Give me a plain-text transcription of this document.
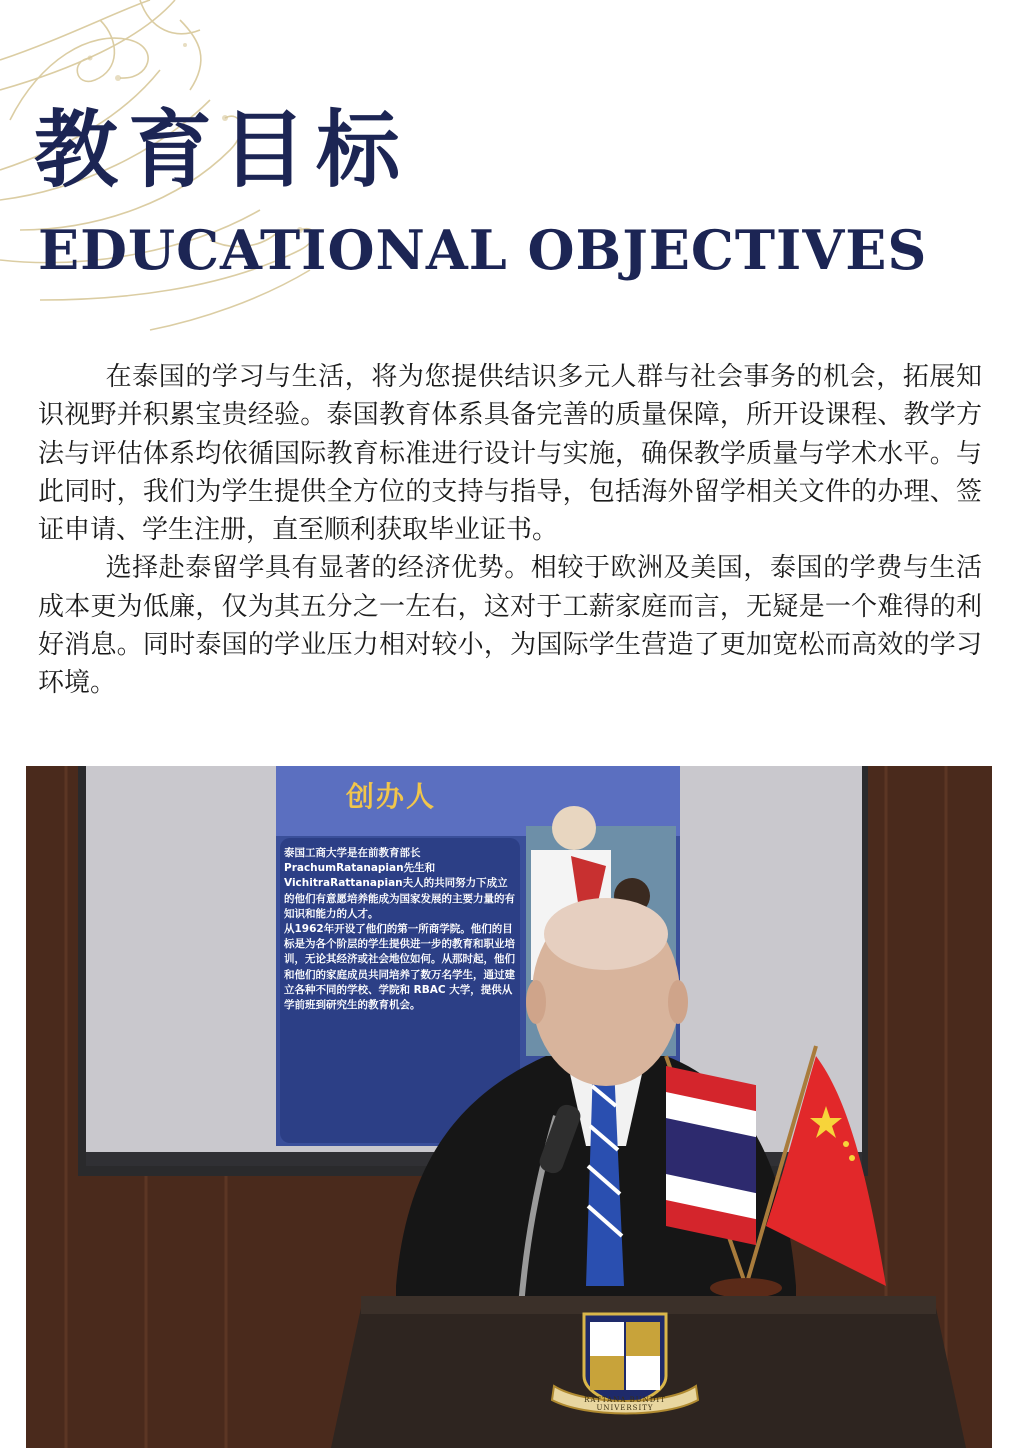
教育目标
EDUCATIONAL OBJECTIVES

在泰国的学习与生活，将为您提供结识多元人群与社会事务的机会，拓展知识视野并积累宝贵经验。泰国教育体系具备完善的质量保障，所开设课程、教学方法与评估体系均依循国际教育标准进行设计与实施，确保教学质量与学术水平。与此同时，我们为学生提供全方位的支持与指导，包括海外留学相关文件的办理、签证申请、学生注册，直至顺利获取毕业证书。

选择赴泰留学具有显著的经济优势。相较于欧洲及美国，泰国的学费与生活成本更为低廉，仅为其五分之一左右，这对于工薪家庭而言，无疑是一个难得的利好消息。同时泰国的学业压力相对较小，为国际学生营造了更加宽松而高效的学习环境。

创办人

泰国工商大学是在前教育部长PrachumRatanapian先生和VichitraRattanapian夫人的共同努力下成立的他们有意愿培养能成为国家发展的主要力量的有知识和能力的人才。

从1962年开设了他们的第一所商学院。他们的目标是为各个阶层的学生提供进一步的教育和职业培训，无论其经济或社会地位如何。从那时起，他们和他们的家庭成员共同培养了数万名学生，通过建立各种不同的学校、学院和 RBAC 大学，提供从学前班到研究生的教育机会。

RATTANA BUNDIT UNIVERSITY
